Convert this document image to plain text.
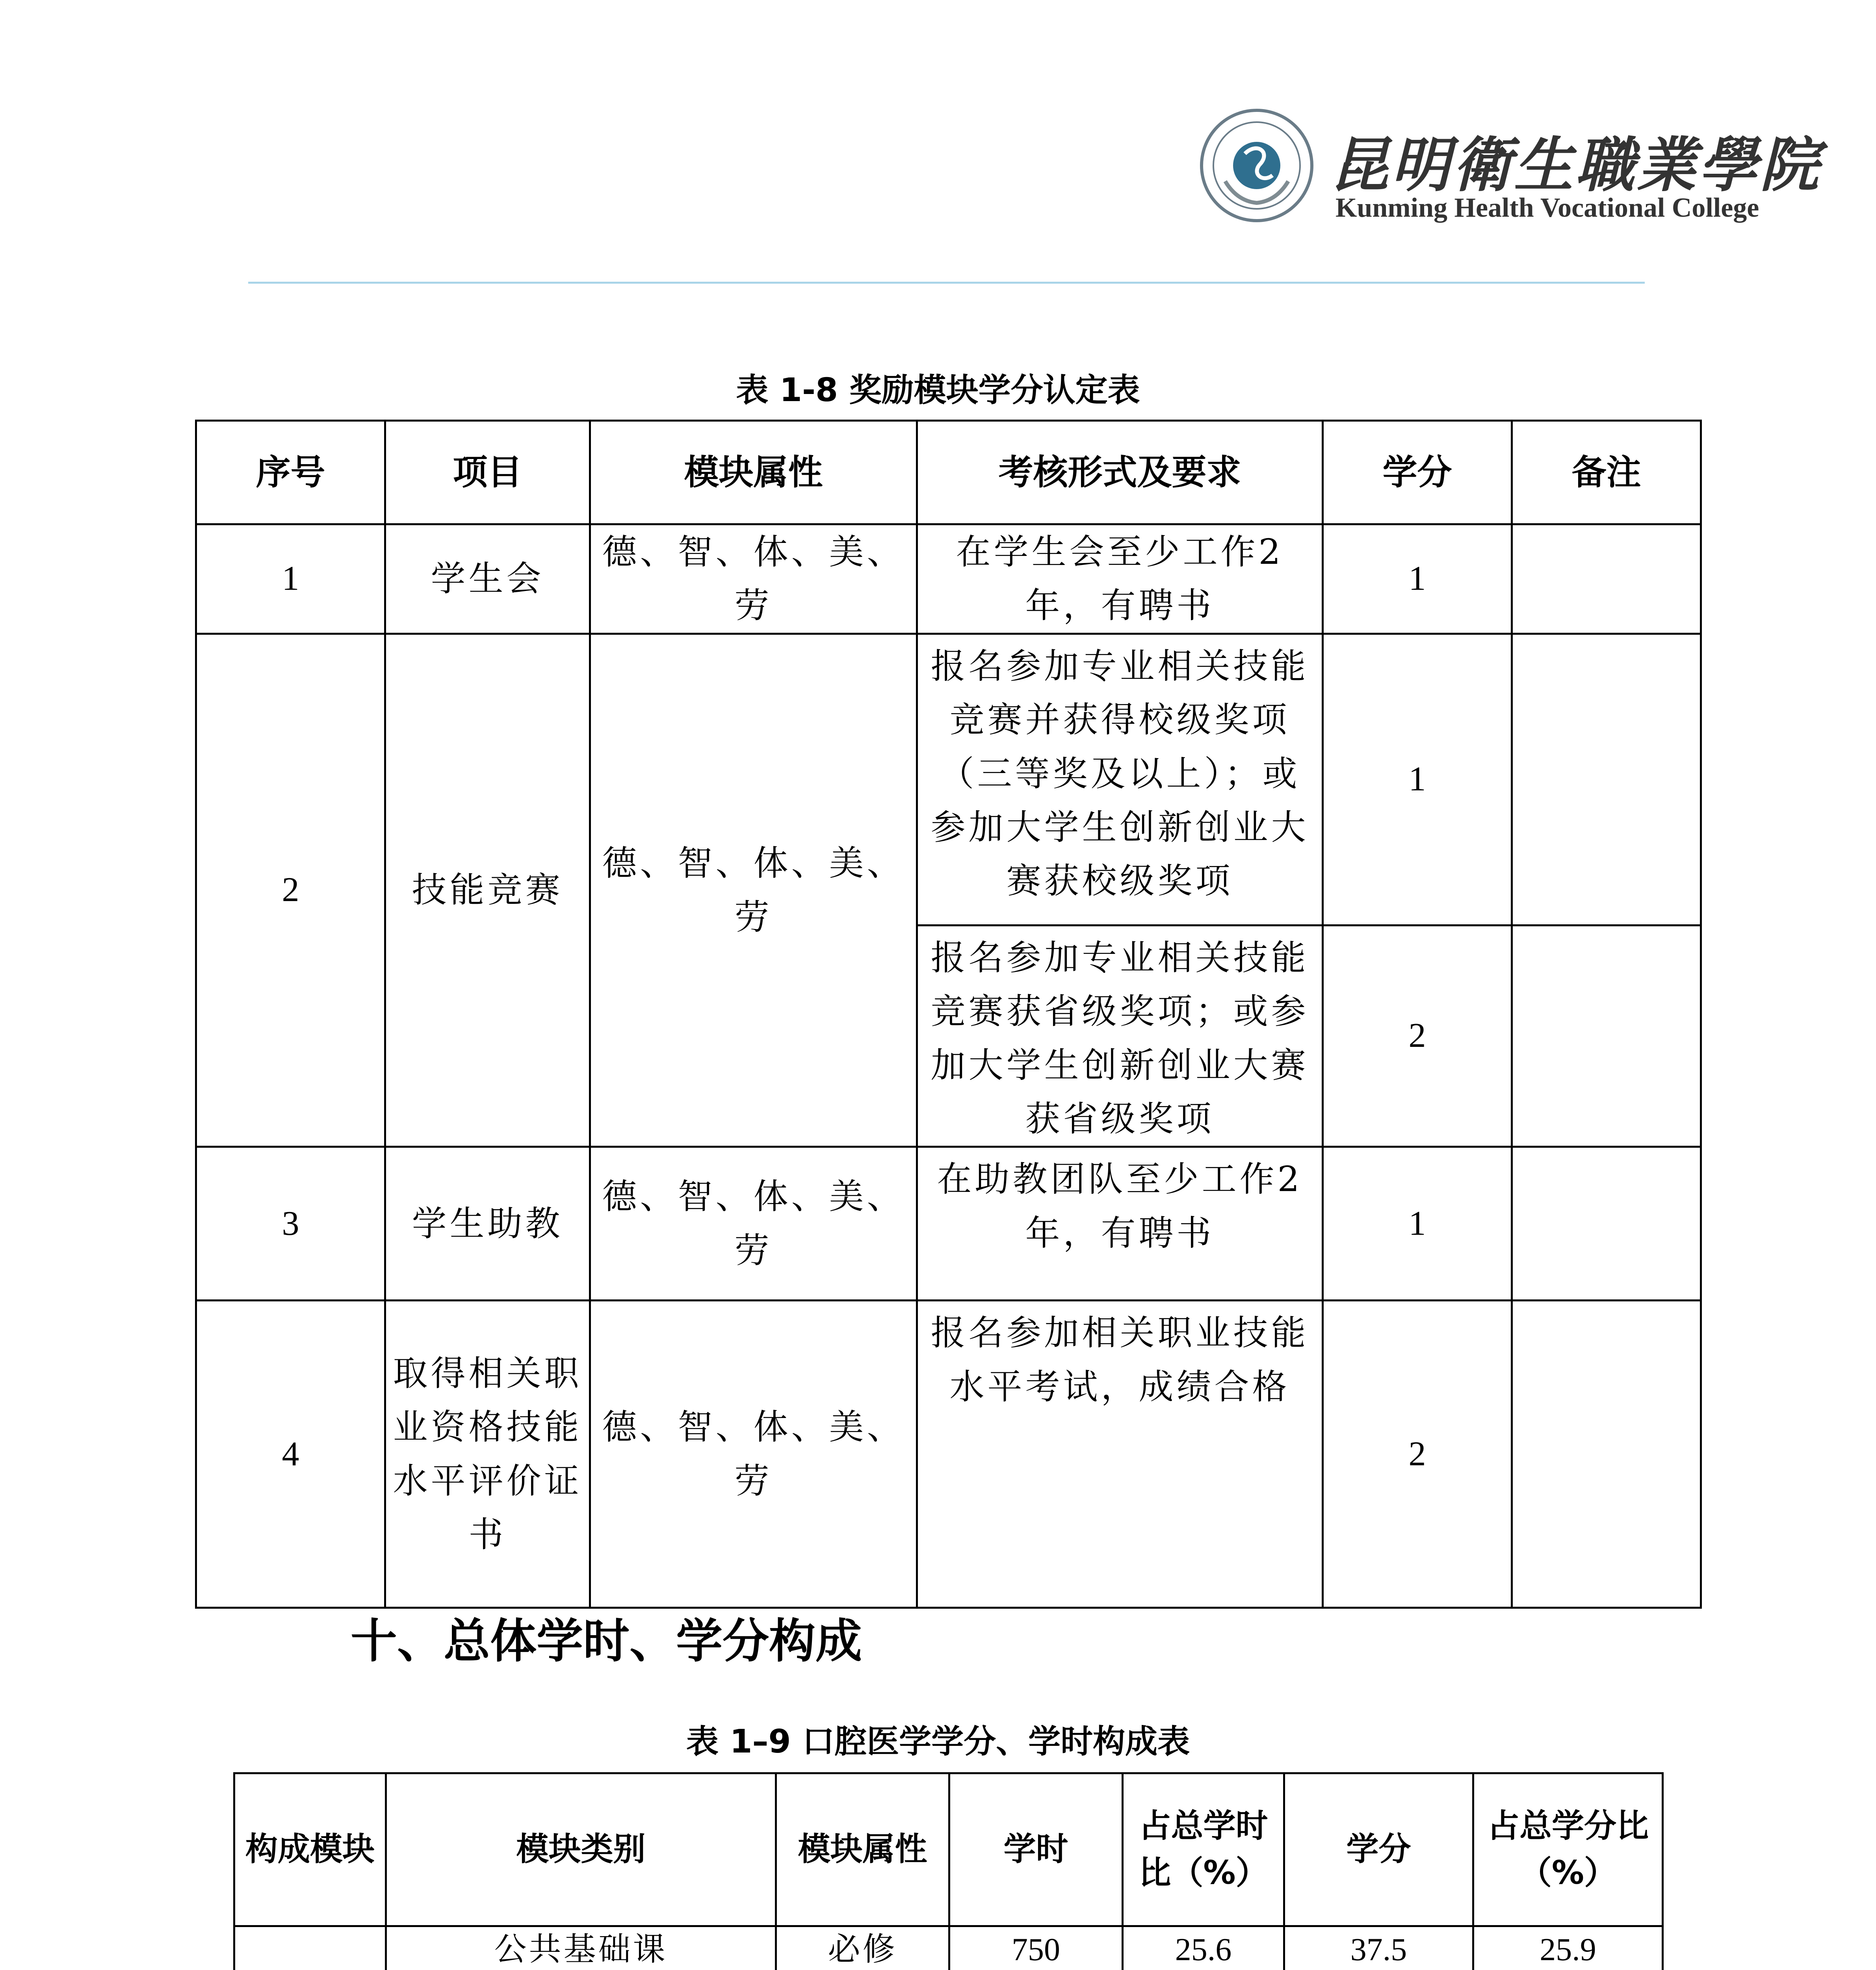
昆明衛生職業學院
Kunming Health Vocational College
表 1-8 奖励模块学分认定表
序号	项目	模块属性	考核形式及要求	学分	备注
1	学生会	德、智、体、美、劳	在学生会至少工作2年，有聘书	1	
2	技能竞赛	德、智、体、美、劳	报名参加专业相关技能竞赛并获得校级奖项（三等奖及以上）；或参加大学生创新创业大赛获校级奖项	1	
			报名参加专业相关技能竞赛获省级奖项；或参加大学生创新创业大赛获省级奖项	2	
3	学生助教	德、智、体、美、劳	在助教团队至少工作2年，有聘书	1	
4	取得相关职业资格技能水平评价证书	德、智、体、美、劳	报名参加相关职业技能水平考试，成绩合格	2	
十、总体学时、学分构成
表 1–9 口腔医学学分、学时构成表
构成模块	模块类别		模块属性	学时	占总学时比（%）	学分	占总学分比（%）
	公共基础课		必修	750	25.6	37.5	25.9
